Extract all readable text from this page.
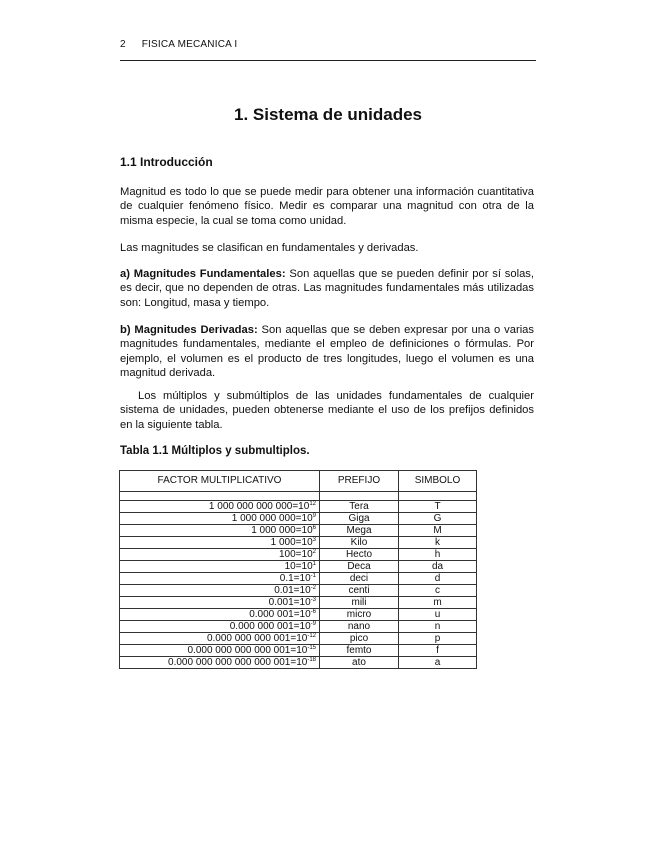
2 FISICA MECANICA I
1. Sistema de unidades
1.1 Introducción

Magnitud es todo lo que se puede medir para obtener una información cuantitativa de cualquier fenómeno físico. Medir es comparar una magnitud con otra de la misma especie, la cual se toma como unidad.

Las magnitudes se clasifican en fundamentales y derivadas.

a) Magnitudes Fundamentales: Son aquellas que se pueden definir por sí solas, es decir, que no dependen de otras. Las magnitudes fundamentales más utilizadas son: Longitud, masa y tiempo.

b) Magnitudes Derivadas: Son aquellas que se deben expresar por una o varias magnitudes fundamentales, mediante el empleo de definiciones o fórmulas. Por ejemplo, el volumen es el producto de tres longitudes, luego el volumen es una magnitud derivada.

Los múltiplos y submúltiplos de las unidades fundamentales de cualquier sistema de unidades, pueden obtenerse mediante el uso de los prefijos definidos en la siguiente tabla.

Tabla 1.1 Múltiplos y submultiplos.
FACTOR MULTIPLICATIVO	PREFIJO	SIMBOLO

1 000 000 000 $000=10^{12}$	Tera	T
1 000 000 $000=10^9$	Giga	G
1 000 $000=10^6$	Mega	M
1 $000=10^3$	Kilo	k
$100=10^2$	Hecto	h
$10=10^1$	Deca	da
$0.1=10^{-1}$	deci	d
$0.01=10^{-2}$	centi	c
$0.001=10^{-3}$	mili	m
0.000 $001=10^{-6}$	micro	u
0.000 000 $001=10^{-9}$	nano	n
0.000 000 000 $001=10^{-12}$	pico	p
0.000 000 000 000 $001=10^{-15}$	femto	f
0.000 000 000 000 000 $001=10^{-18}$	ato	a
